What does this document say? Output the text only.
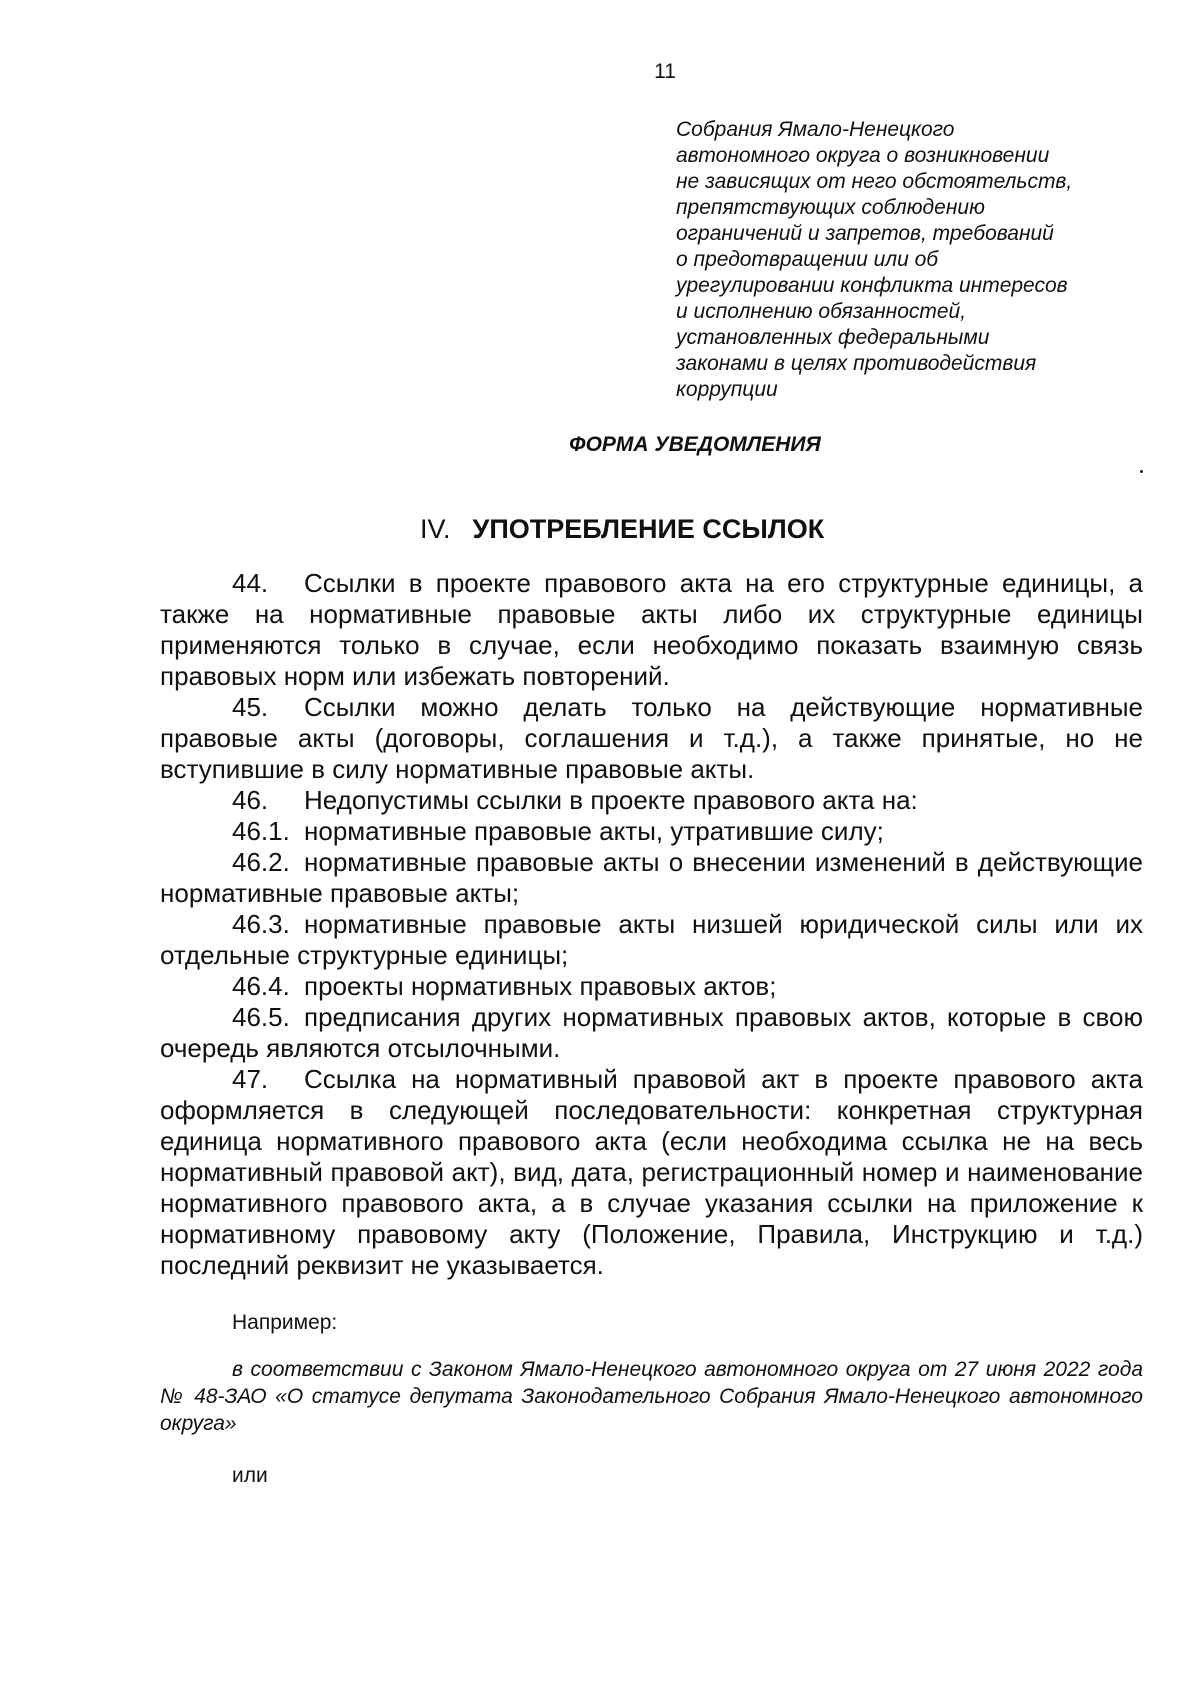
11
Собрания Ямало-Ненецкого
автономного округа о возникновении
не зависящих от него обстоятельств,
препятствующих соблюдению
ограничений и запретов, требований
о предотвращении или об
урегулировании конфликта интересов
и исполнению обязанностей,
установленных федеральными
законами в целях противодействия
коррупции
ФОРМА УВЕДОМЛЕНИЯ
IV. УПОТРЕБЛЕНИЕ ССЫЛОК

44. Ссылки в проекте правового акта на его структурные единицы, а также на нормативные правовые акты либо их структурные единицы применяются только в случае, если необходимо показать взаимную связь правовых норм или избежать повторений.

45. Ссылки можно делать только на действующие нормативные правовые акты (договоры, соглашения и т.д.), а также принятые, но не вступившие в силу нормативные правовые акты.

46. Недопустимы ссылки в проекте правового акта на:

46.1. нормативные правовые акты, утратившие силу;

46.2. нормативные правовые акты о внесении изменений в действующие нормативные правовые акты;

46.3. нормативные правовые акты низшей юридической силы или их отдельные структурные единицы;

46.4. проекты нормативных правовых актов;

46.5. предписания других нормативных правовых актов, которые в свою очередь являются отсылочными.

47. Ссылка на нормативный правовой акт в проекте правового акта оформляется в следующей последовательности: конкретная структурная единица нормативного правового акта (если необходима ссылка не на весь нормативный правовой акт), вид, дата, регистрационный номер и наименование нормативного правового акта, а в случае указания ссылки на приложение к нормативному правовому акту (Положение, Правила, Инструкцию и т.д.) последний реквизит не указывается.

Например:
в соответствии с Законом Ямало-Ненецкого автономного округа от 27 июня 2022 года № 48-ЗАО «О статусе депутата Законодательного Собрания Ямало-Ненецкого автономного округа»
или
